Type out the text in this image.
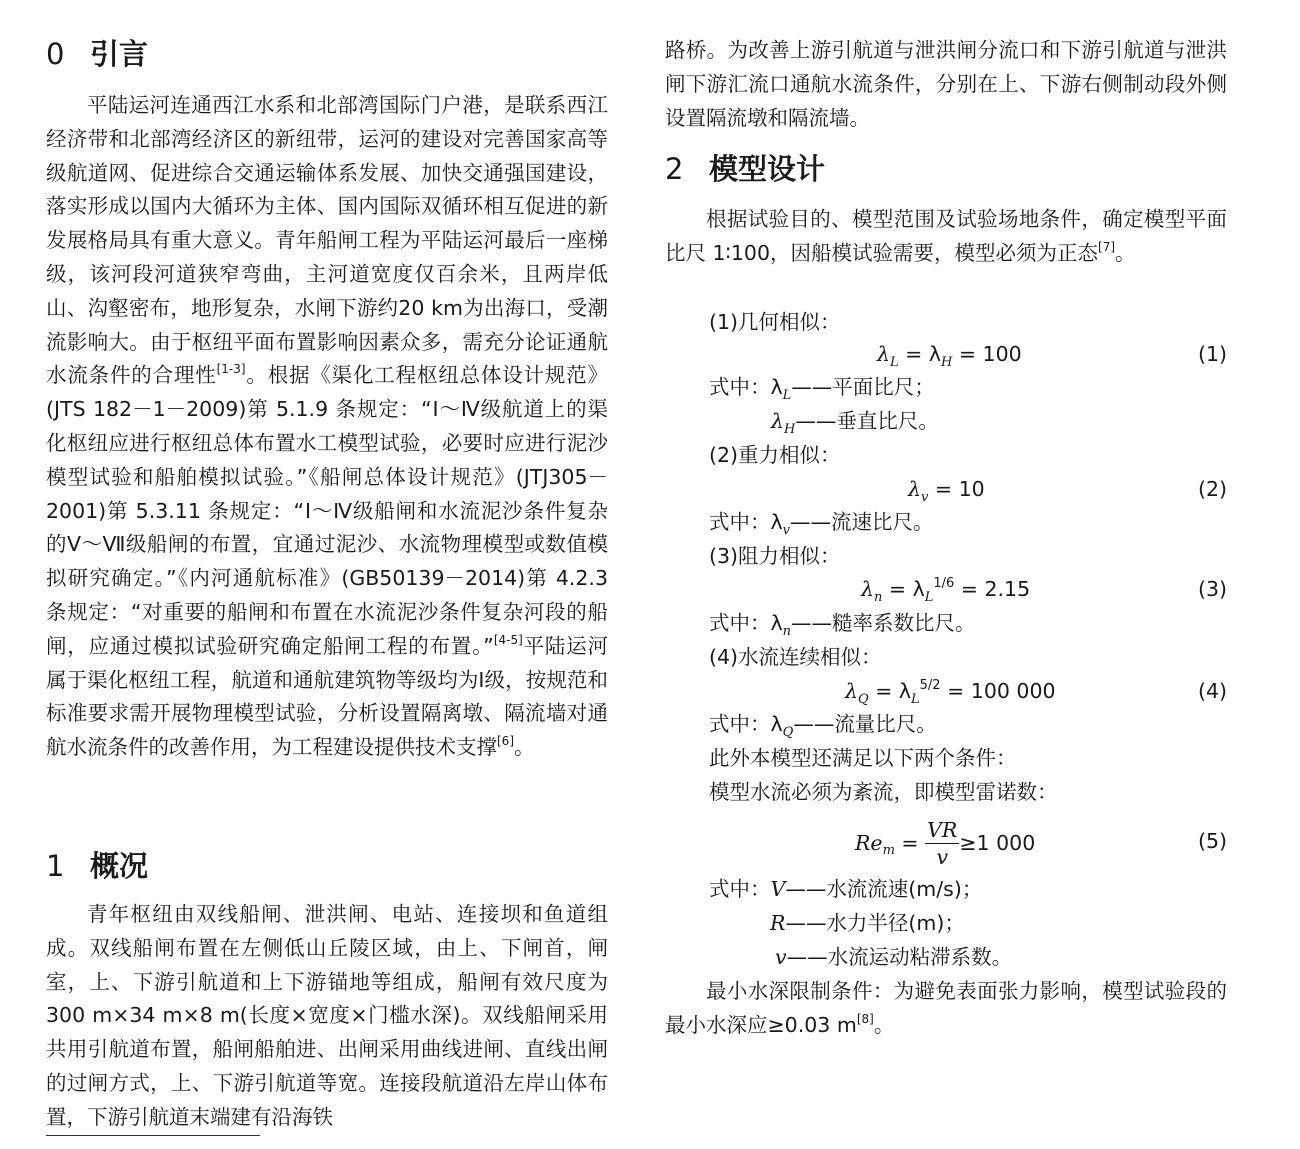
0 引言

平陆运河连通西江水系和北部湾国际门户港，是联系西江经济带和北部湾经济区的新纽带，运河的建设对完善国家高等级航道网、促进综合交通运输体系发展、加快交通强国建设，落实形成以国内大循环为主体、国内国际双循环相互促进的新发展格局具有重大意义。青年船闸工程为平陆运河最后一座梯级，该河段河道狭窄弯曲，主河道宽度仅百余米，且两岸低山、沟壑密布，地形复杂，水闸下游约20 km为出海口，受潮流影响大。由于枢纽平面布置影响因素众多，需充分论证通航水流条件的合理性[1-3]。根据《渠化工程枢纽总体设计规范》(JTS 182－1－2009)第 5.1.9 条规定：“Ⅰ～Ⅳ级航道上的渠化枢纽应进行枢纽总体布置水工模型试验，必要时应进行泥沙模型试验和船舶模拟试验。”《船闸总体设计规范》(JTJ305－2001)第 5.3.11 条规定：“Ⅰ～Ⅳ级船闸和水流泥沙条件复杂的Ⅴ～Ⅶ级船闸的布置，宜通过泥沙、水流物理模型或数值模拟研究确定。”《内河通航标准》(GB50139－2014)第 4.2.3 条规定：“对重要的船闸和布置在水流泥沙条件复杂河段的船闸，应通过模拟试验研究确定船闸工程的布置。”[4-5]平陆运河属于渠化枢纽工程，航道和通航建筑物等级均为Ⅰ级，按规范和标准要求需开展物理模型试验，分析设置隔离墩、隔流墙对通航水流条件的改善作用，为工程建设提供技术支撑[6]。

1 概况

青年枢纽由双线船闸、泄洪闸、电站、连接坝和鱼道组成。双线船闸布置在左侧低山丘陵区域，由上、下闸首，闸室，上、下游引航道和上下游锚地等组成，船闸有效尺度为300 m×34 m×8 m(长度×宽度×门槛水深)。双线船闸采用共用引航道布置，船闸船舶进、出闸采用曲线进闸、直线出闸的过闸方式，上、下游引航道等宽。连接段航道沿左岸山体布置，下游引航道末端建有沿海铁

路桥。为改善上游引航道与泄洪闸分流口和下游引航道与泄洪闸下游汇流口通航水流条件，分别在上、下游右侧制动段外侧设置隔流墩和隔流墙。

2 模型设计

根据试验目的、模型范围及试验场地条件，确定模型平面比尺 1∶100，因船模试验需要，模型必须为正态[7]。

(1)几何相似：
$\lambda_L = \lambda_H = 100$	(1)
式中：$\lambda_L——$平面比尺；
$\lambda_H——$垂直比尺。
(2)重力相似：
$\lambda_v = 10$	(2)
式中：$\lambda_v——$流速比尺。
(3)阻力相似：
$\lambda_n = \lambda_L^{1/6} = 2.15$	(3)
式中：$\lambda_n——$糙率系数比尺。
(4)水流连续相似：
$\lambda_Q = \lambda_L^{5/2} = 100$ 000	(4)
式中：$\lambda_Q——$流量比尺。
此外本模型还满足以下两个条件：
模型水流必须为紊流，即模型雷诺数：
$Re_m = \frac{VR}{v} \ge 1$ 000	(5)
式中：V——水流流速(m/s)；
R——水力半径(m)；
v——水流运动粘滞系数。

最小水深限制条件：为避免表面张力影响，模型试验段的最小水深应≥0.03 m[8]。
